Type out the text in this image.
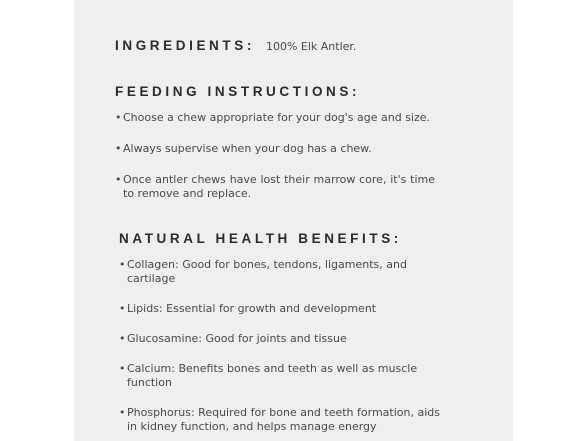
INGREDIENTS: 100% Elk Antler.
FEEDING INSTRUCTIONS:
• Choose a chew appropriate for your dog's age and size.
• Always supervise when your dog has a chew.
• Once antler chews have lost their marrow core, it's time to remove and replace.
NATURAL HEALTH BENEFITS:
• Collagen: Good for bones, tendons, ligaments, and cartilage
• Lipids: Essential for growth and development
• Glucosamine: Good for joints and tissue
• Calcium: Benefits bones and teeth as well as muscle function
• Phosphorus: Required for bone and teeth formation, aids in kidney function, and helps manage energy
